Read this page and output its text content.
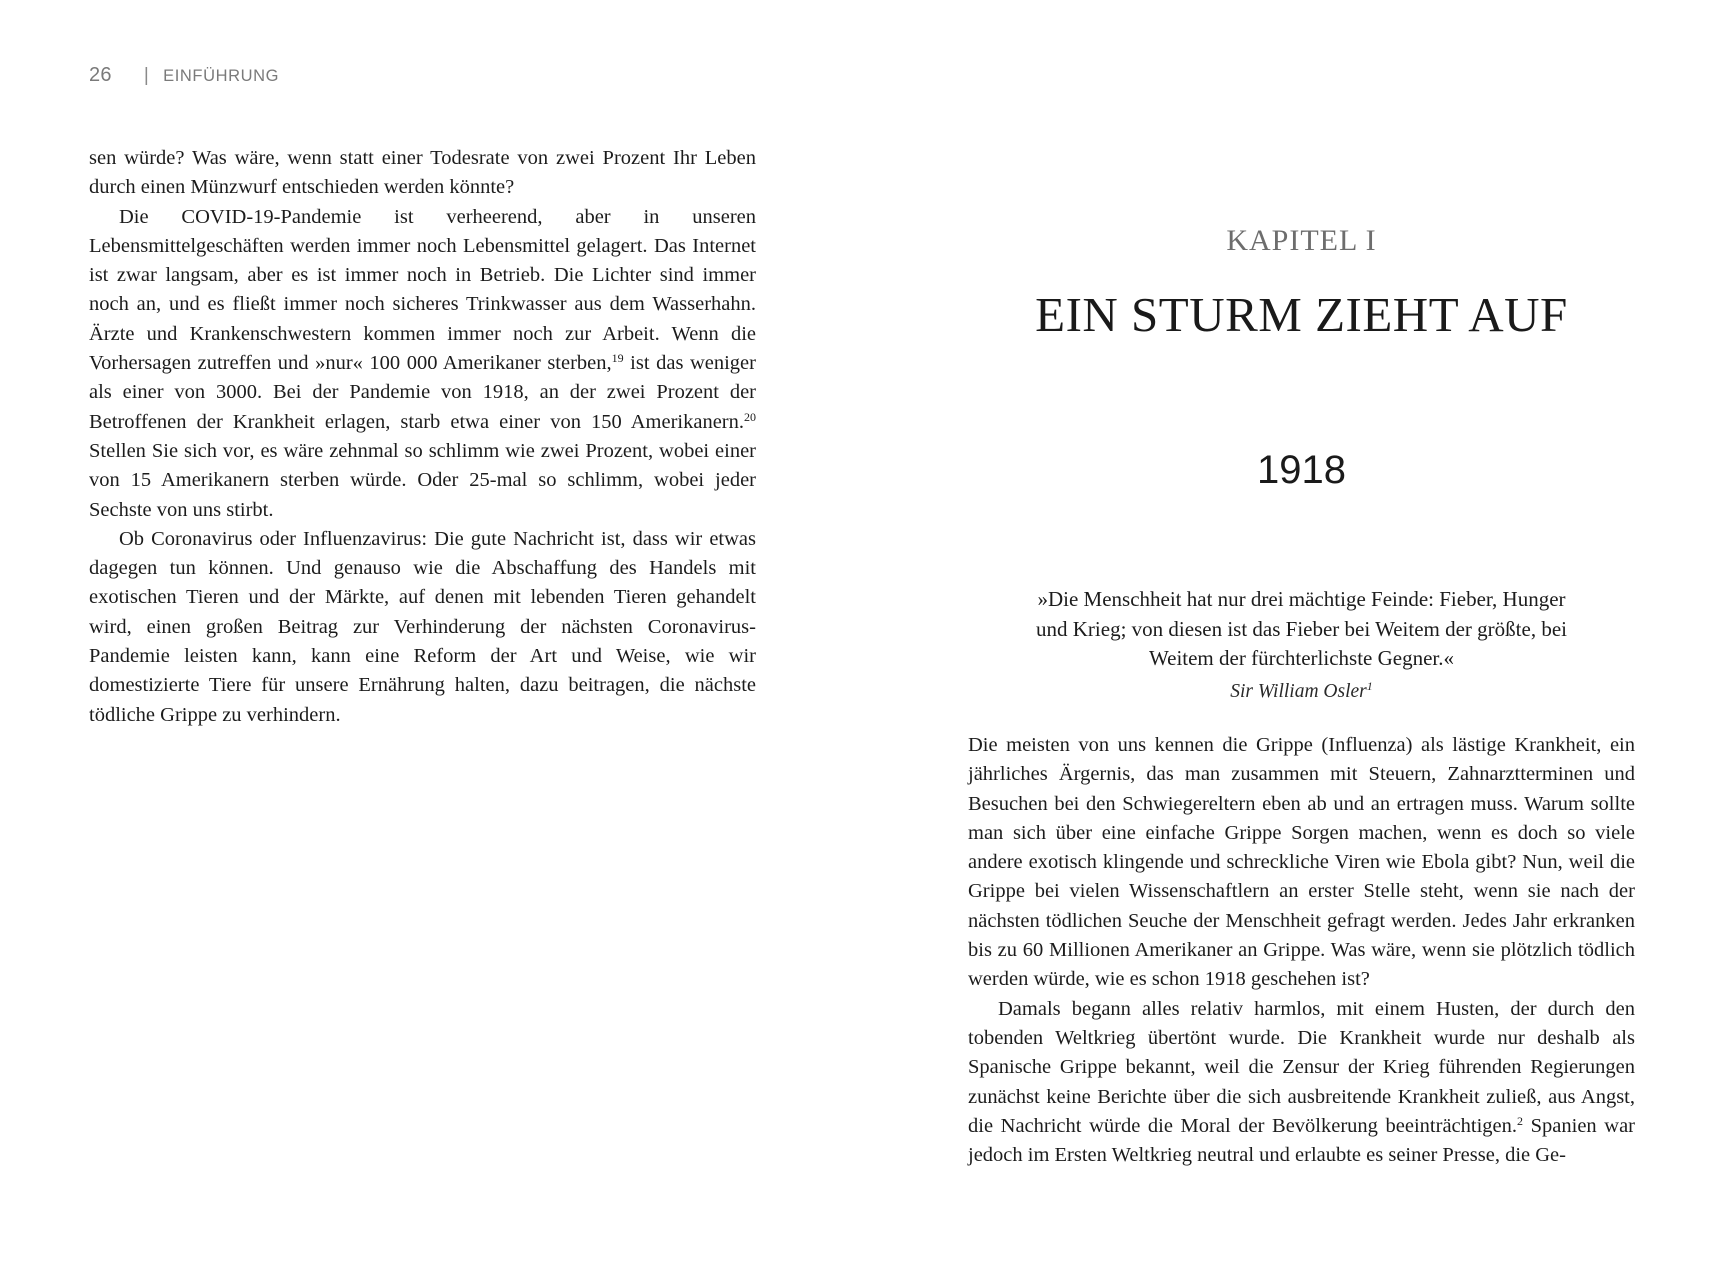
26 | EINFÜHRUNG

sen würde? Was wäre, wenn statt einer Todesrate von zwei Prozent Ihr Leben durch einen Münzwurf entschieden werden könnte?

Die COVID-19-Pandemie ist verheerend, aber in unseren Lebensmittelgeschäften werden immer noch Lebensmittel gelagert. Das Internet ist zwar langsam, aber es ist immer noch in Betrieb. Die Lichter sind immer noch an, und es fließt immer noch sicheres Trinkwasser aus dem Wasserhahn. Ärzte und Krankenschwestern kommen immer noch zur Arbeit. Wenn die Vorhersagen zutreffen und »nur« 100 000 Amerikaner sterben,$^{19}$ ist das weniger als einer von 3000. Bei der Pandemie von 1918, an der zwei Prozent der Betroffenen der Krankheit erlagen, starb etwa einer von 150 Amerikanern.$^{20}$ Stellen Sie sich vor, es wäre zehnmal so schlimm wie zwei Prozent, wobei einer von 15 Amerikanern sterben würde. Oder 25-mal so schlimm, wobei jeder Sechste von uns stirbt.

Ob Coronavirus oder Influenzavirus: Die gute Nachricht ist, dass wir etwas dagegen tun können. Und genauso wie die Abschaffung des Handels mit exotischen Tieren und der Märkte, auf denen mit lebenden Tieren gehandelt wird, einen großen Beitrag zur Verhinderung der nächsten Coronavirus-Pandemie leisten kann, kann eine Reform der Art und Weise, wie wir domestizierte Tiere für unsere Ernährung halten, dazu beitragen, die nächste tödliche Grippe zu verhindern.

KAPITEL I
EIN STURM ZIEHT AUF
1918

»Die Menschheit hat nur drei mächtige Feinde: Fieber, Hunger und Krieg; von diesen ist das Fieber bei Weitem der größte, bei Weitem der fürchterlichste Gegner.«

Sir William Osler$^1$

Die meisten von uns kennen die Grippe (Influenza) als lästige Krankheit, ein jährliches Ärgernis, das man zusammen mit Steuern, Zahnarztterminen und Besuchen bei den Schwiegereltern eben ab und an ertragen muss. Warum sollte man sich über eine einfache Grippe Sorgen machen, wenn es doch so viele andere exotisch klingende und schreckliche Viren wie Ebola gibt? Nun, weil die Grippe bei vielen Wissenschaftlern an erster Stelle steht, wenn sie nach der nächsten tödlichen Seuche der Menschheit gefragt werden. Jedes Jahr erkranken bis zu 60 Millionen Amerikaner an Grippe. Was wäre, wenn sie plötzlich tödlich werden würde, wie es schon 1918 geschehen ist?

Damals begann alles relativ harmlos, mit einem Husten, der durch den tobenden Weltkrieg übertönt wurde. Die Krankheit wurde nur deshalb als Spanische Grippe bekannt, weil die Zensur der Krieg führenden Regierungen zunächst keine Berichte über die sich ausbreitende Krankheit zuließ, aus Angst, die Nachricht würde die Moral der Bevölkerung beeinträchtigen.$^2$ Spanien war jedoch im Ersten Weltkrieg neutral und erlaubte es seiner Presse, die Ge-
